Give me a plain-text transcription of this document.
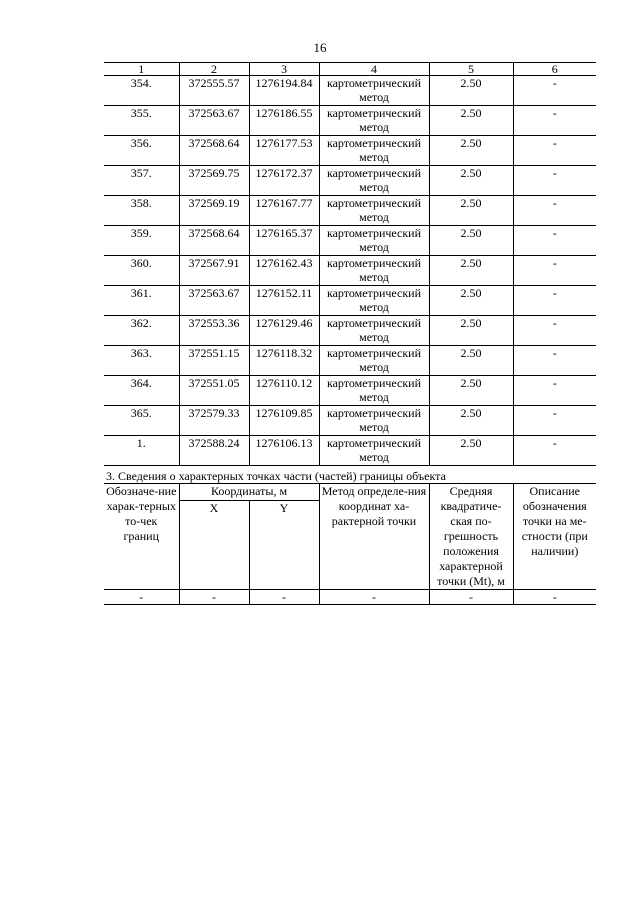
16
1	2	3	4	5	6
354.	372555.57	1276194.84	картометрический метод	2.50	-
355.	372563.67	1276186.55	картометрический метод	2.50	-
356.	372568.64	1276177.53	картометрический метод	2.50	-
357.	372569.75	1276172.37	картометрический метод	2.50	-
358.	372569.19	1276167.77	картометрический метод	2.50	-
359.	372568.64	1276165.37	картометрический метод	2.50	-
360.	372567.91	1276162.43	картометрический метод	2.50	-
361.	372563.67	1276152.11	картометрический метод	2.50	-
362.	372553.36	1276129.46	картометрический метод	2.50	-
363.	372551.15	1276118.32	картометрический метод	2.50	-
364.	372551.05	1276110.12	картометрический метод	2.50	-
365.	372579.33	1276109.85	картометрический метод	2.50	-
1.	372588.24	1276106.13	картометрический метод	2.50	-
3. Сведения о характерных точках части (частей) границы объекта					
Обозначе-ние харак-терных то-чек границ	Координаты, м		Метод определе-ния координат ха-рактерной точки	Средняя квадратиче-ская по-грешность положения характерной точки (Мt), м	Описание обозначения точки на ме-стности (при наличии)
	X	Y			
-	-	-	-	-	-
